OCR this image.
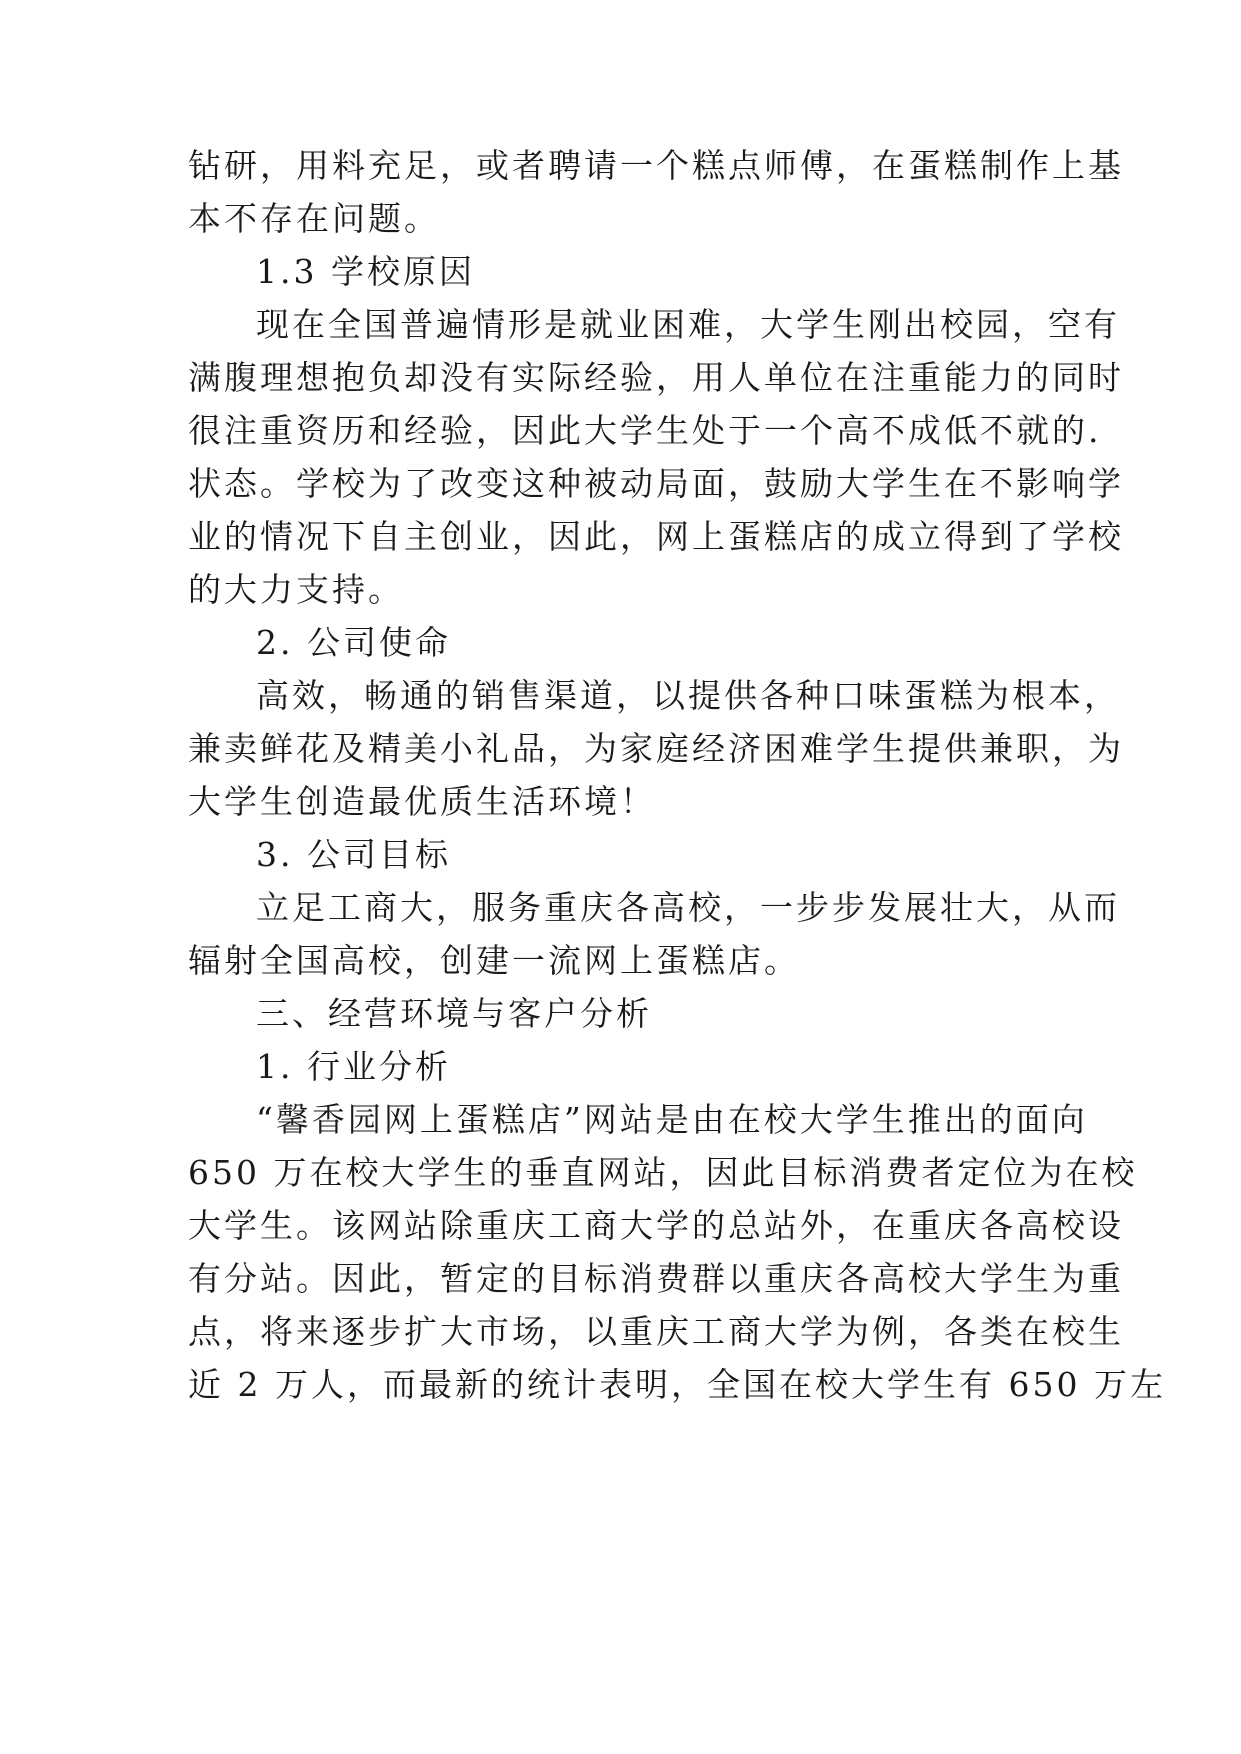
钻研，用料充足，或者聘请一个糕点师傅，在蛋糕制作上基
本不存在问题。
1.3 学校原因
现在全国普遍情形是就业困难，大学生刚出校园，空有
满腹理想抱负却没有实际经验，用人单位在注重能力的同时
很注重资历和经验，因此大学生处于一个高不成低不就的.
状态。学校为了改变这种被动局面，鼓励大学生在不影响学
业的情况下自主创业，因此，网上蛋糕店的成立得到了学校
的大力支持。
2. 公司使命
高效，畅通的销售渠道，以提供各种口味蛋糕为根本，
兼卖鲜花及精美小礼品，为家庭经济困难学生提供兼职，为
大学生创造最优质生活环境！
3. 公司目标
立足工商大，服务重庆各高校，一步步发展壮大，从而
辐射全国高校，创建一流网上蛋糕店。
三、经营环境与客户分析
1. 行业分析
“馨香园网上蛋糕店”网站是由在校大学生推出的面向
650 万在校大学生的垂直网站，因此目标消费者定位为在校
大学生。该网站除重庆工商大学的总站外，在重庆各高校设
有分站。因此，暂定的目标消费群以重庆各高校大学生为重
点，将来逐步扩大市场，以重庆工商大学为例，各类在校生
近 2 万人，而最新的统计表明，全国在校大学生有 650 万左
